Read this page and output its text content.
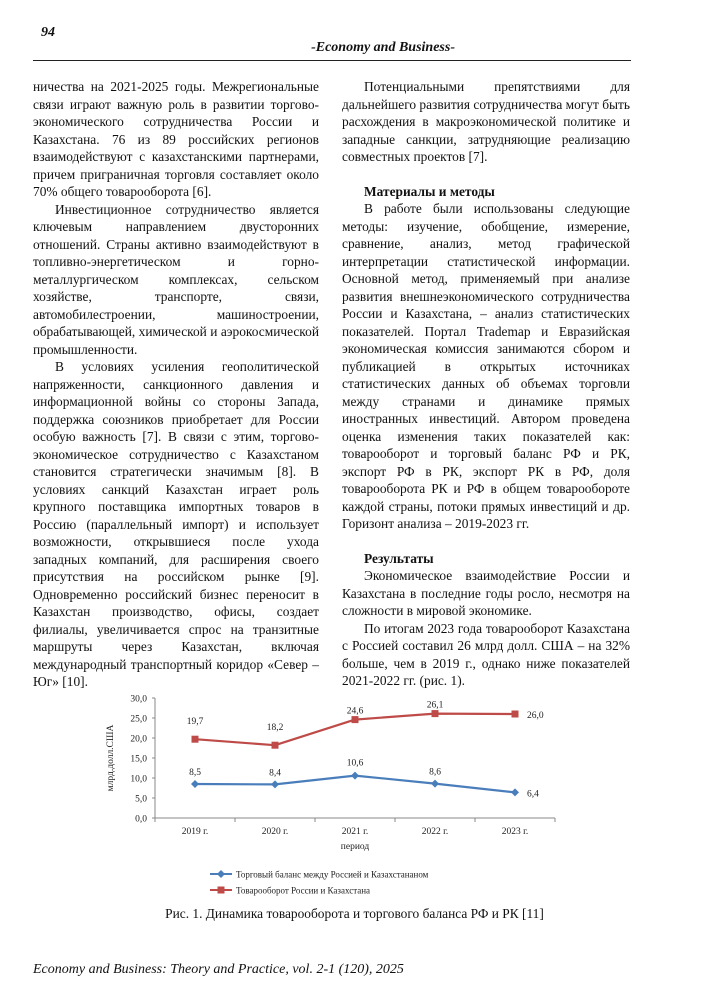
94
-Economy and Business-

ничества на 2021-2025 годы. Межрегиональные связи играют важную роль в развитии торгово-экономического сотрудничества России и Казахстана. 76 из 89 российских регионов взаимодействуют с казахстанскими партнерами, причем приграничная торговля составляет около 70% общего товарооборота [6].

Инвестиционное сотрудничество является ключевым направлением двусторонних отношений. Страны активно взаимодействуют в топливно-энергетическом и горно-металлургическом комплексах, сельском хозяйстве, транспорте, связи, автомобилестроении, машиностроении, обрабатывающей, химической и аэрокосмической промышленности.

В условиях усиления геополитической напряженности, санкционного давления и информационной войны со стороны Запада, поддержка союзников приобретает для России особую важность [7]. В связи с этим, торгово-экономическое сотрудничество с Казахстаном становится стратегически значимым [8]. В условиях санкций Казахстан играет роль крупного поставщика импортных товаров в Россию (параллельный импорт) и использует возможности, открывшиеся после ухода западных компаний, для расширения своего присутствия на российском рынке [9]. Одновременно российский бизнес переносит в Казахстан производство, офисы, создает филиалы, увеличивается спрос на транзитные маршруты через Казахстан, включая международный транспортный коридор «Север – Юг» [10].

Потенциальными препятствиями для дальнейшего развития сотрудничества могут быть расхождения в макроэкономической политике и западные санкции, затрудняющие реализацию совместных проектов [7].

Материалы и методы

В работе были использованы следующие методы: изучение, обобщение, измерение, сравнение, анализ, метод графической интерпретации статистической информации. Основной метод, применяемый при анализе развития внешнеэкономического сотрудничества России и Казахстана, – анализ статистических показателей. Портал Trademap и Евразийская экономическая комиссия занимаются сбором и публикацией в открытых источниках статистических данных об объемах торговли между странами и динамике прямых иностранных инвестиций. Автором проведена оценка изменения таких показателей как: товарооборот и торговый баланс РФ и РК, экспорт РФ в РК, экспорт РК в РФ, доля товарооборота РК и РФ в общем товарообороте каждой страны, потоки прямых инвестиций и др. Горизонт анализа – 2019-2023 гг.

Результаты

Экономическое взаимодействие России и Казахстана в последние годы росло, несмотря на сложности в мировой экономике.

По итогам 2023 года товарооборот Казахстана с Россией составил 26 млрд долл. США – на 32% больше, чем в 2019 г., однако ниже показателей 2021-2022 гг. (рис. 1).

0,0
5,0
10,0
15,0
20,0
25,0
30,0
2019 г.	2020 г.	2021 г.	2022 г.	2023 г.
период
млрд.долл.США	8,5	8,4
10,6
8,6
6,4
19,7
18,2
24,6
26,1
26,0
Торговый баланс между Россией и Казахстананом
Товарооборот России и Казахстана
Рис. 1. Динамика товарооборота и торгового баланса РФ и РК [11]
Economy and Business: Theory and Practice, vol. 2-1 (120), 2025
